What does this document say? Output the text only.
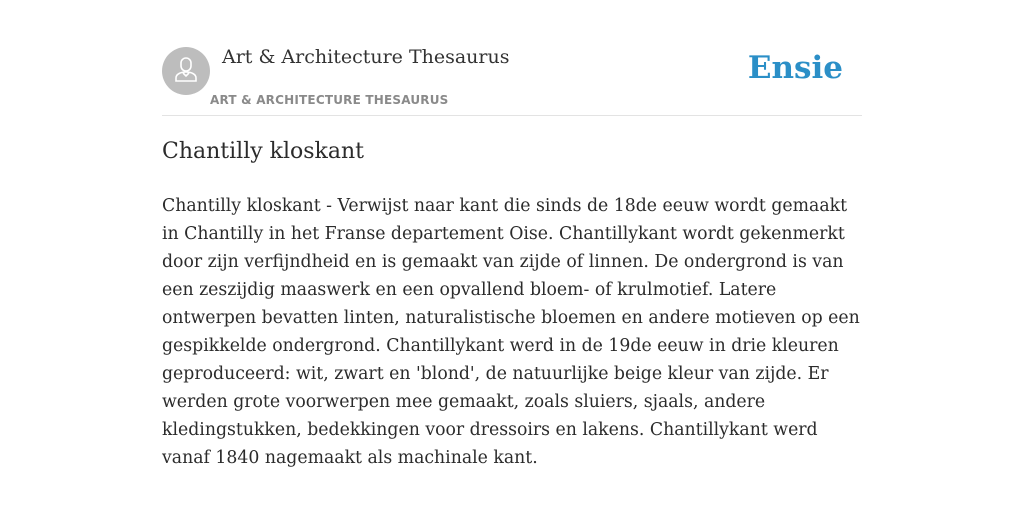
Art & Architecture Thesaurus
ART & ARCHITECTURE THESAURUS
Ensie
Chantilly kloskant

Chantilly kloskant - Verwijst naar kant die sinds de 18de eeuw wordt gemaakt in Chantilly in het Franse departement Oise. Chantillykant wordt gekenmerkt door zijn verfijndheid en is gemaakt van zijde of linnen. De ondergrond is van een zeszijdig maaswerk en een opvallend bloem- of krulmotief. Latere ontwerpen bevatten linten, naturalistische bloemen en andere motieven op een gespikkelde ondergrond. Chantillykant werd in de 19de eeuw in drie kleuren geproduceerd: wit, zwart en 'blond', de natuurlijke beige kleur van zijde. Er werden grote voorwerpen mee gemaakt, zoals sluiers, sjaals, andere kledingstukken, bedekkingen voor dressoirs en lakens. Chantillykant werd vanaf 1840 nagemaakt als machinale kant.
